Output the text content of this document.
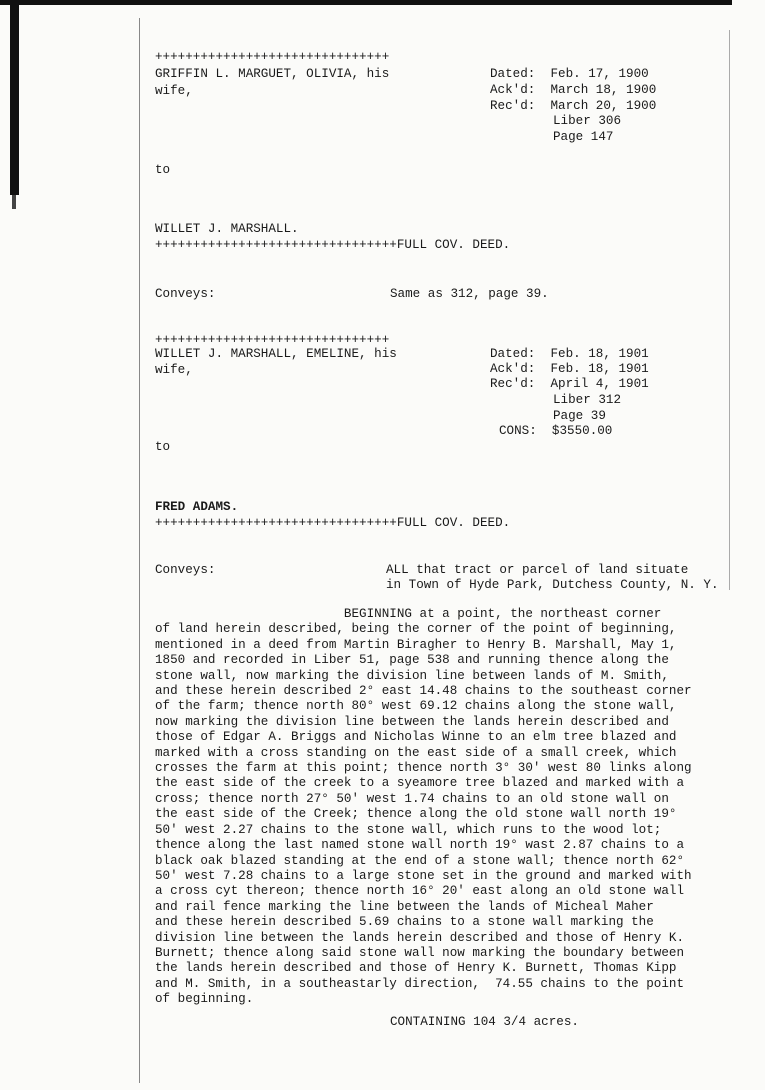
+++++++++++++++++++++++++++++++
GRIFFIN L. MARGUET, OLIVIA, his
wife,
Dated:  Feb. 17, 1900
Ack'd:  March 18, 1900
Rec'd:  March 20, 1900
Liber 306
Page 147
to
WILLET J. MARSHALL.
++++++++++++++++++++++++++++++++FULL COV. DEED.
Conveys:	Same as 312, page 39.
+++++++++++++++++++++++++++++++
WILLET J. MARSHALL, EMELINE, his
wife,
Dated:  Feb. 18, 1901
Ack'd:  Feb. 18, 1901
Rec'd:  April 4, 1901
Liber 312
Page 39
CONS:  $3550.00
to
FRED ADAMS.
++++++++++++++++++++++++++++++++FULL COV. DEED.
Conveys:	ALL that tract or parcel of land situate
in Town of Hyde Park, Dutchess County, N. Y.
BEGINNING at a point, the northeast corner
of land herein described, being the corner of the point of beginning,
mentioned in a deed from Martin Biragher to Henry B. Marshall, May 1,
1850 and recorded in Liber 51, page 538 and running thence along the
stone wall, now marking the division line between lands of M. Smith,
and these herein described 2° east 14.48 chains to the southeast corner
of the farm; thence north 80° west 69.12 chains along the stone wall,
now marking the division line between the lands herein described and
those of Edgar A. Briggs and Nicholas Winne to an elm tree blazed and
marked with a cross standing on the east side of a small creek, which
crosses the farm at this point; thence north 3° 30' west 80 links along
the east side of the creek to a syeamore tree blazed and marked with a
cross; thence north 27° 50' west 1.74 chains to an old stone wall on
the east side of the Creek; thence along the old stone wall north 19°
50' west 2.27 chains to the stone wall, which runs to the wood lot;
thence along the last named stone wall north 19° wast 2.87 chains to a
black oak blazed standing at the end of a stone wall; thence north 62°
50' west 7.28 chains to a large stone set in the ground and marked with
a cross cyt thereon; thence north 16° 20' east along an old stone wall
and rail fence marking the line between the lands of Micheal Maher
and these herein described 5.69 chains to a stone wall marking the
division line between the lands herein described and those of Henry K.
Burnett; thence along said stone wall now marking the boundary between
the lands herein described and those of Henry K. Burnett, Thomas Kipp
and M. Smith, in a southeastarly direction,  74.55 chains to the point
of beginning.
CONTAINING 104 3/4 acres.
